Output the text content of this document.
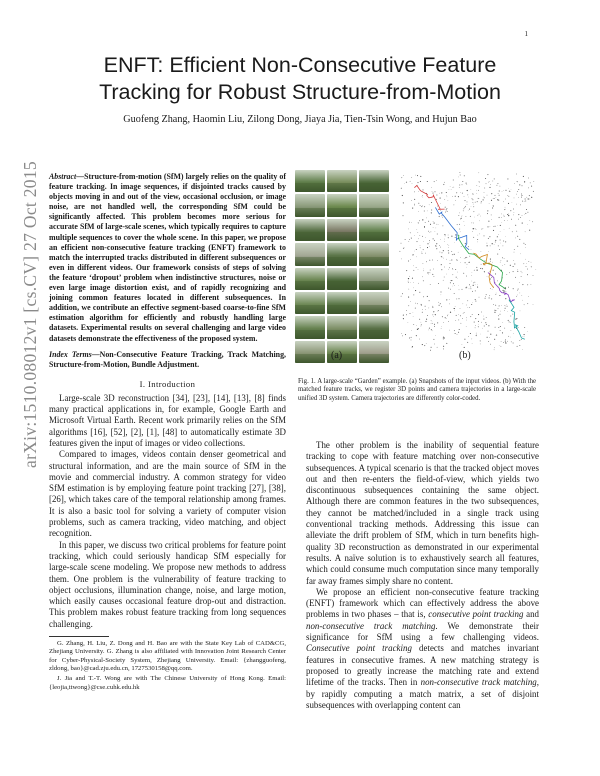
1
arXiv:1510.08012v1 [cs.CV] 27 Oct 2015
ENFT: Efficient Non-Consecutive Feature
Tracking for Robust Structure-from-Motion
Guofeng Zhang, Haomin Liu, Zilong Dong, Jiaya Jia, Tien-Tsin Wong, and Hujun Bao

Abstract—Structure-from-motion (SfM) largely relies on the quality of feature tracking. In image sequences, if disjointed tracks caused by objects moving in and out of the view, occasional occlusion, or image noise, are not handled well, the corresponding SfM could be significantly affected. This problem becomes more serious for accurate SfM of large-scale scenes, which typically requires to capture multiple sequences to cover the whole scene. In this paper, we propose an efficient non-consecutive feature tracking (ENFT) framework to match the interrupted tracks distributed in different subsequences or even in different videos. Our framework consists of steps of solving the feature ‘dropout’ problem when indistinctive structures, noise or even large image distortion exist, and of rapidly recognizing and joining common features located in different subsequences. In addition, we contribute an effective segment-based coarse-to-fine SfM estimation algorithm for efficiently and robustly handling large datasets. Experimental results on several challenging and large video datasets demonstrate the effectiveness of the proposed system.

Index Terms—Non-Consecutive Feature Tracking, Track Matching, Structure-from-Motion, Bundle Adjustment.

I. Introduction

Large-scale 3D reconstruction [34], [23], [14], [13], [8] finds many practical applications in, for example, Google Earth and Microsoft Virtual Earth. Recent work primarily relies on the SfM algorithms [16], [52], [2], [1], [48] to automatically estimate 3D features given the input of images or video collections.

Compared to images, videos contain denser geometrical and structural information, and are the main source of SfM in the movie and commercial industry. A common strategy for video SfM estimation is by employing feature point tracking [27], [38], [26], which takes care of the temporal relationship among frames. It is also a basic tool for solving a variety of computer vision problems, such as camera tracking, video matching, and object recognition.

In this paper, we discuss two critical problems for feature point tracking, which could seriously handicap SfM especially for large-scale scene modeling. We propose new methods to address them. One problem is the vulnerability of feature tracking to object occlusions, illumination change, noise, and large motion, which easily causes occasional feature drop-out and distraction. This problem makes robust feature tracking from long sequences challenging.

G. Zhang, H. Liu, Z. Dong and H. Bao are with the State Key Lab of CAD&CG, Zhejiang University. G. Zhang is also affiliated with Innovation Joint Research Center for Cyber-Physical-Society System, Zhejiang University. Email: {zhangguofeng, zldong, bao}@cad.zju.edu.cn, 1727530158@qq.com.

J. Jia and T.-T. Wong are with The Chinese University of Hong Kong. Email: {leojia,ttwong}@cse.cuhk.edu.hk

(a)	(b)

Fig. 1. A large-scale “Garden” example. (a) Snapshots of the input videos. (b) With the matched feature tracks, we register 3D points and camera trajectories in a large-scale unified 3D system. Camera trajectories are differently color-coded.

The other problem is the inability of sequential feature tracking to cope with feature matching over non-consecutive subsequences. A typical scenario is that the tracked object moves out and then re-enters the field-of-view, which yields two discontinuous subsequences containing the same object. Although there are common features in the two subsequences, they cannot be matched/included in a single track using conventional tracking methods. Addressing this issue can alleviate the drift problem of SfM, which in turn benefits high-quality 3D reconstruction as demonstrated in our experimental results. A naïve solution is to exhaustively search all features, which could consume much computation since many temporally far away frames simply share no content.

We propose an efficient non-consecutive feature tracking (ENFT) framework which can effectively address the above problems in two phases – that is, consecutive point tracking and non-consecutive track matching. We demonstrate their significance for SfM using a few challenging videos. Consecutive point tracking detects and matches invariant features in consecutive frames. A new matching strategy is proposed to greatly increase the matching rate and extend lifetime of the tracks. Then in non-consecutive track matching, by rapidly computing a match matrix, a set of disjoint subsequences with overlapping content can
